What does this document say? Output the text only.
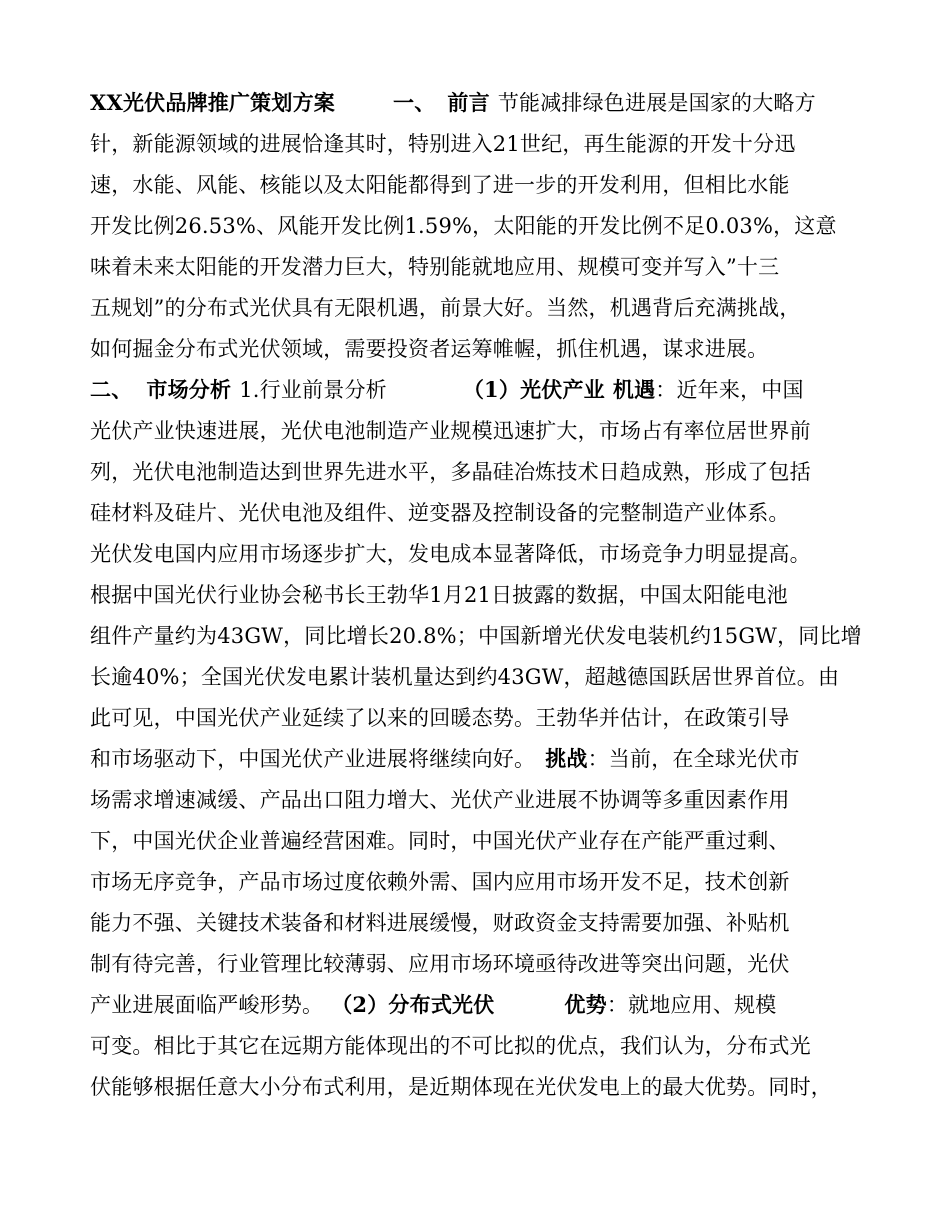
XX光伏品牌推广策划方案	一、 前言 节能减排绿色进展是国家的大略方
针，新能源领域的进展恰逢其时，特别进入21世纪，再生能源的开发十分迅
速，水能、风能、核能以及太阳能都得到了进一步的开发利用，但相比水能
开发比例26.53%、风能开发比例1.59%，太阳能的开发比例不足0.03%，这意
味着未来太阳能的开发潜力巨大，特别能就地应用、规模可变并写入”十三
五规划”的分布式光伏具有无限机遇，前景大好。当然，机遇背后充满挑战，
如何掘金分布式光伏领域，需要投资者运筹帷幄，抓住机遇，谋求进展。
二、 市场分析 1.行业前景分析	（1）光伏产业 机遇：近年来，中国
光伏产业快速进展，光伏电池制造产业规模迅速扩大，市场占有率位居世界前
列，光伏电池制造达到世界先进水平，多晶硅冶炼技术日趋成熟，形成了包括
硅材料及硅片、光伏电池及组件、逆变器及控制设备的完整制造产业体系。
光伏发电国内应用市场逐步扩大，发电成本显著降低，市场竞争力明显提高。
根据中国光伏行业协会秘书长王勃华1月21日披露的数据，中国太阳能电池
组件产量约为43GW，同比增长20.8%；中国新增光伏发电装机约15GW，同比增
长逾40%；全国光伏发电累计装机量达到约43GW，超越德国跃居世界首位。由
此可见，中国光伏产业延续了以来的回暖态势。王勃华并估计，在政策引导
和市场驱动下，中国光伏产业进展将继续向好。 挑战：当前，在全球光伏市
场需求增速减缓、产品出口阻力增大、光伏产业进展不协调等多重因素作用
下，中国光伏企业普遍经营困难。同时，中国光伏产业存在产能严重过剩、
市场无序竞争，产品市场过度依赖外需、国内应用市场开发不足，技术创新
能力不强、关键技术装备和材料进展缓慢，财政资金支持需要加强、补贴机
制有待完善，行业管理比较薄弱、应用市场环境亟待改进等突出问题，光伏
产业进展面临严峻形势。 （2）分布式光伏	优势：就地应用、规模
可变。相比于其它在远期方能体现出的不可比拟的优点，我们认为，分布式光
伏能够根据任意大小分布式利用，是近期体现在光伏发电上的最大优势。同时，
